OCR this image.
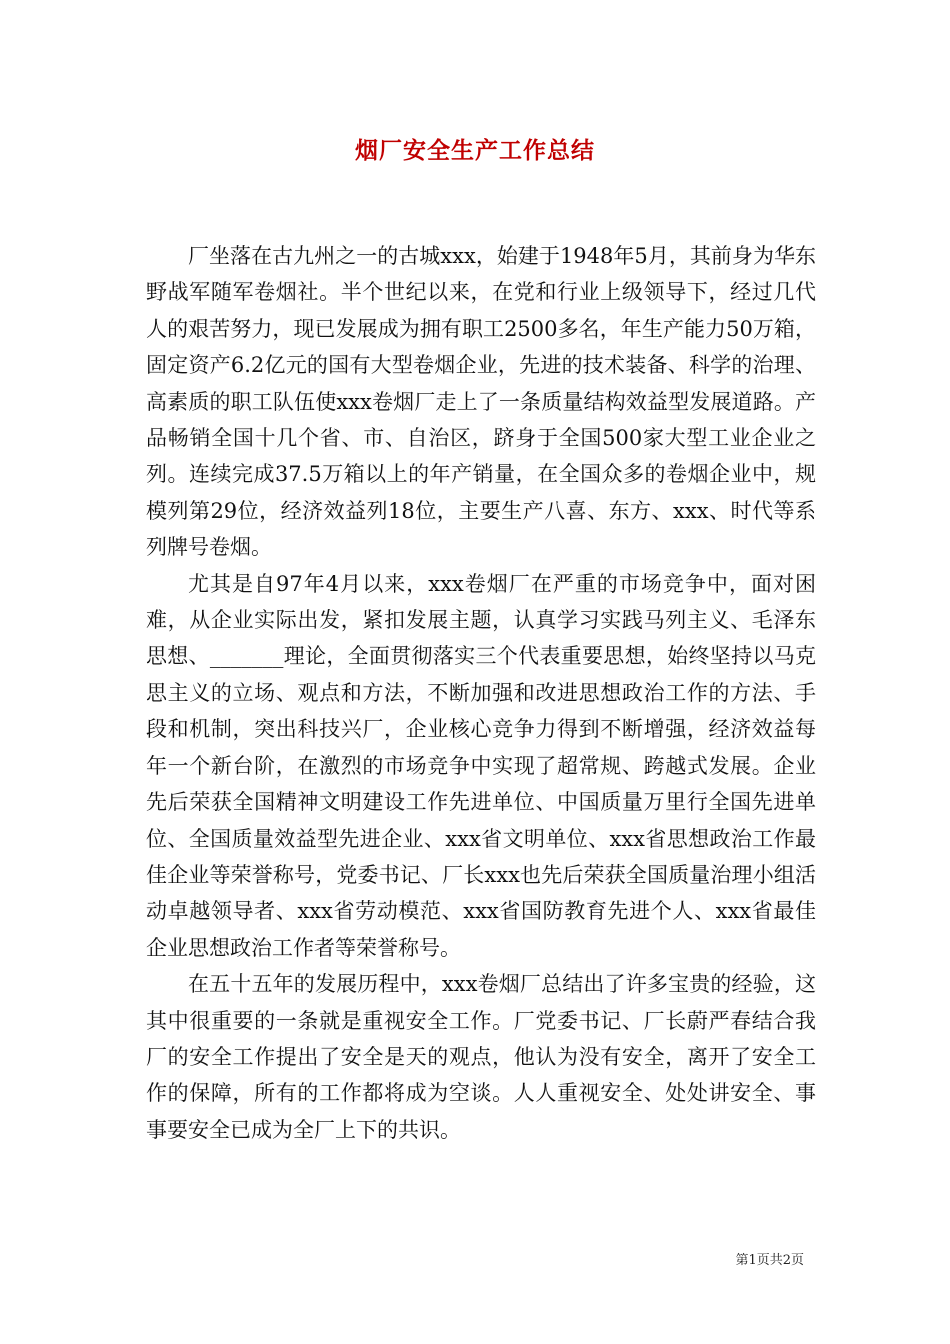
烟厂安全生产工作总结

厂坐落在古九州之一的古城xxx，始建于1948年5月，其前身为华东野战军随军卷烟社。半个世纪以来，在党和行业上级领导下，经过几代人的艰苦努力，现已发展成为拥有职工2500多名，年生产能力50万箱，固定资产6.2亿元的国有大型卷烟企业，先进的技术装备、科学的治理、高素质的职工队伍使xxx卷烟厂走上了一条质量结构效益型发展道路。产品畅销全国十几个省、市、自治区，跻身于全国500家大型工业企业之列。连续完成37.5万箱以上的年产销量，在全国众多的卷烟企业中，规模列第29位，经济效益列18位，主要生产八喜、东方、xxx、时代等系列牌号卷烟。

尤其是自97年4月以来，xxx卷烟厂在严重的市场竞争中，面对困难，从企业实际出发，紧扣发展主题，认真学习实践马列主义、毛泽东思想、_______理论，全面贯彻落实三个代表重要思想，始终坚持以马克思主义的立场、观点和方法，不断加强和改进思想政治工作的方法、手段和机制，突出科技兴厂，企业核心竞争力得到不断增强，经济效益每年一个新台阶，在激烈的市场竞争中实现了超常规、跨越式发展。企业先后荣获全国精神文明建设工作先进单位、中国质量万里行全国先进单位、全国质量效益型先进企业、xxx省文明单位、xxx省思想政治工作最佳企业等荣誉称号，党委书记、厂长xxx也先后荣获全国质量治理小组活动卓越领导者、xxx省劳动模范、xxx省国防教育先进个人、xxx省最佳企业思想政治工作者等荣誉称号。

在五十五年的发展历程中，xxx卷烟厂总结出了许多宝贵的经验，这其中很重要的一条就是重视安全工作。厂党委书记、厂长蔚严春结合我厂的安全工作提出了安全是天的观点，他认为没有安全，离开了安全工作的保障，所有的工作都将成为空谈。人人重视安全、处处讲安全、事事要安全已成为全厂上下的共识。

第1页共2页
